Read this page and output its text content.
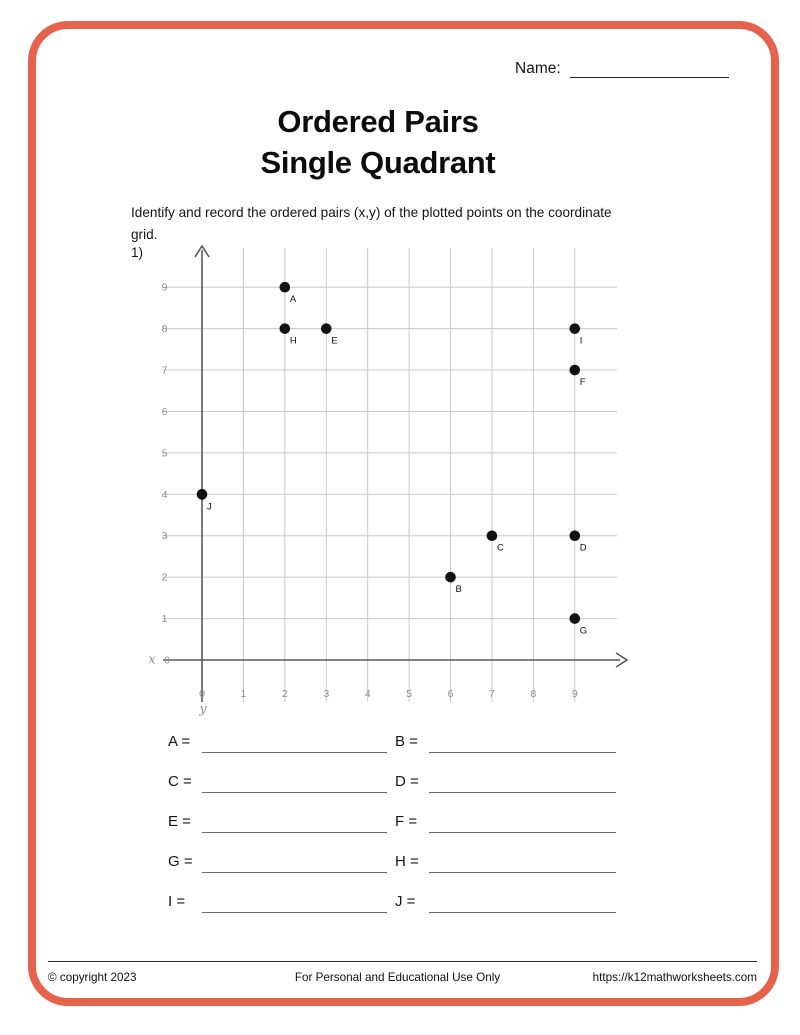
Name:
Ordered Pairs
Single Quadrant
Identify and record the ordered pairs (x,y) of the plotted points on the coordinate grid.
1)
0	1	2	3	4	5	6	7	8	9
0
1
2
3
4
5
6
7
8
9
x
y
A
B
C	D
E
F
G
H	I
J
A =	B =
C =	D =
E =	F =
G =	H =
I =	J =
© copyright 2023	For Personal and Educational Use Only	https://k12mathworksheets.com
